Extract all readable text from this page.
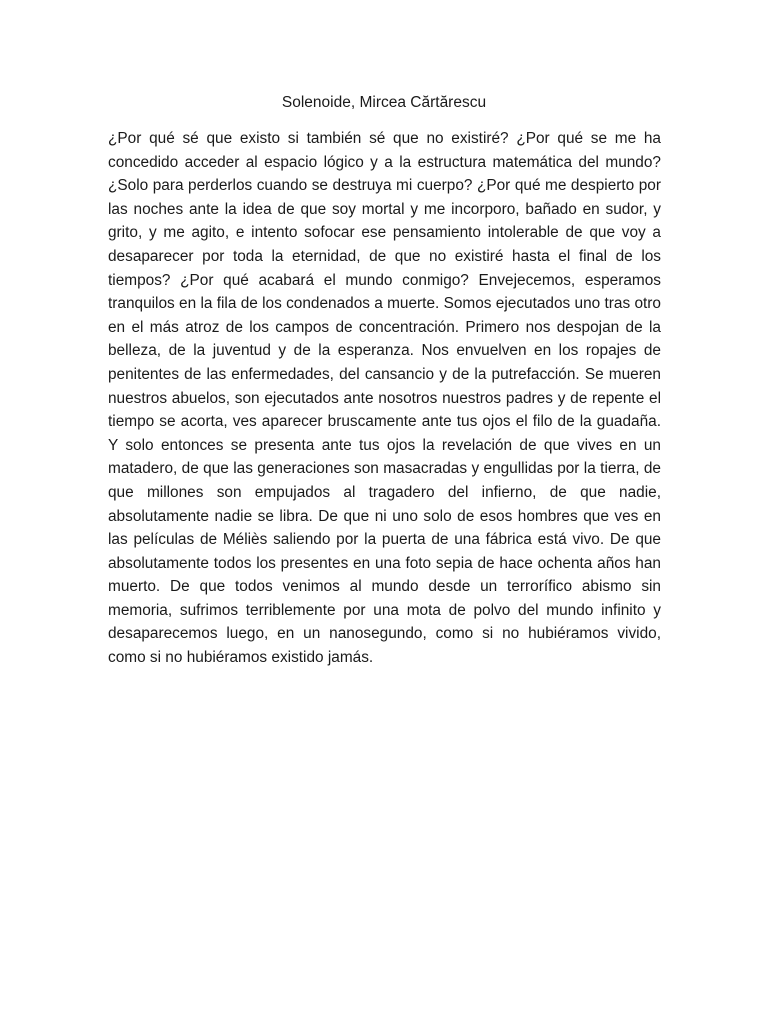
Solenoide, Mircea Cărtărescu

¿Por qué sé que existo si también sé que no existiré? ¿Por qué se me ha concedido acceder al espacio lógico y a la estructura matemática del mundo? ¿Solo para perderlos cuando se destruya mi cuerpo? ¿Por qué me despierto por las noches ante la idea de que soy mortal y me incorporo, bañado en sudor, y grito, y me agito, e intento sofocar ese pensamiento intolerable de que voy a desaparecer por toda la eternidad, de que no existiré hasta el final de los tiempos? ¿Por qué acabará el mundo conmigo? Envejecemos, esperamos tranquilos en la fila de los condenados a muerte. Somos ejecutados uno tras otro en el más atroz de los campos de concentración. Primero nos despojan de la belleza, de la juventud y de la esperanza. Nos envuelven en los ropajes de penitentes de las enfermedades, del cansancio y de la putrefacción. Se mueren nuestros abuelos, son ejecutados ante nosotros nuestros padres y de repente el tiempo se acorta, ves aparecer bruscamente ante tus ojos el filo de la guadaña. Y solo entonces se presenta ante tus ojos la revelación de que vives en un matadero, de que las generaciones son masacradas y engullidas por la tierra, de que millones son empujados al tragadero del infierno, de que nadie, absolutamente nadie se libra. De que ni uno solo de esos hombres que ves en las películas de Méliès saliendo por la puerta de una fábrica está vivo. De que absolutamente todos los presentes en una foto sepia de hace ochenta años han muerto. De que todos venimos al mundo desde un terrorífico abismo sin memoria, sufrimos terriblemente por una mota de polvo del mundo infinito y desaparecemos luego, en un nanosegundo, como si no hubiéramos vivido, como si no hubiéramos existido jamás.
